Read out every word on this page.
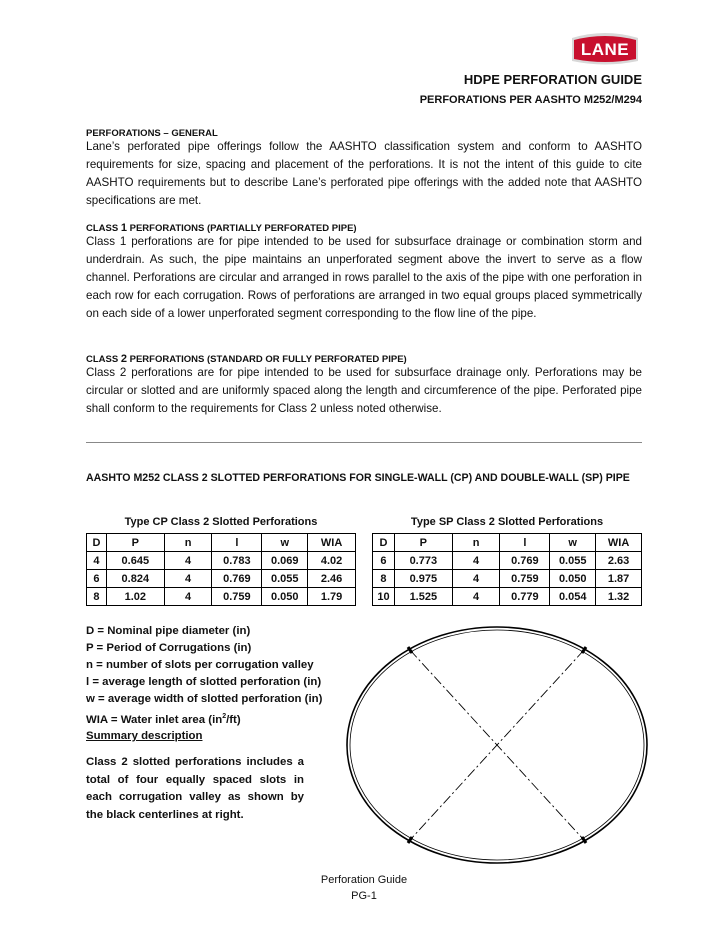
LANE
HDPE PERFORATION GUIDE
PERFORATIONS PER AASHTO M252/M294
PERFORATIONS – GENERAL
Lane’s perforated pipe offerings follow the AASHTO classification system and conform to AASHTO requirements for size, spacing and placement of the perforations. It is not the intent of this guide to cite AASHTO requirements but to describe Lane’s perforated pipe offerings with the added note that AASHTO specifications are met.
CLASS 1 PERFORATIONS (PARTIALLY PERFORATED PIPE)
Class 1 perforations are for pipe intended to be used for subsurface drainage or combination storm and underdrain. As such, the pipe maintains an unperforated segment above the invert to serve as a flow channel. Perforations are circular and arranged in rows parallel to the axis of the pipe with one perforation in each row for each corrugation. Rows of perforations are arranged in two equal groups placed symmetrically on each side of a lower unperforated segment corresponding to the flow line of the pipe.
CLASS 2 PERFORATIONS (STANDARD OR FULLY PERFORATED PIPE)
Class 2 perforations are for pipe intended to be used for subsurface drainage only. Perforations may be circular or slotted and are uniformly spaced along the length and circumference of the pipe. Perforated pipe shall conform to the requirements for Class 2 unless noted otherwise.
AASHTO M252 CLASS 2 SLOTTED PERFORATIONS FOR SINGLE-WALL (CP) AND DOUBLE-WALL (SP) PIPE
Type CP Class 2 Slotted Perforations
D	P	n	l	w	WIA
4	0.645	4	0.783	0.069	4.02
6	0.824	4	0.769	0.055	2.46
8	1.02	4	0.759	0.050	1.79
Type SP Class 2 Slotted Perforations
D	P	n	l	w	WIA
6	0.773	4	0.769	0.055	2.63
8	0.975	4	0.759	0.050	1.87
10	1.525	4	0.779	0.054	1.32
D = Nominal pipe diameter (in)
P = Period of Corrugations (in)
n = number of slots per corrugation valley
l = average length of slotted perforation (in)
w = average width of slotted perforation (in)
WIA = Water inlet area $(in^2/ft)$
Summary description
Class 2 slotted perforations includes a total of four equally spaced slots in each corrugation valley as shown by the black centerlines at right.
Perforation Guide
PG-1
